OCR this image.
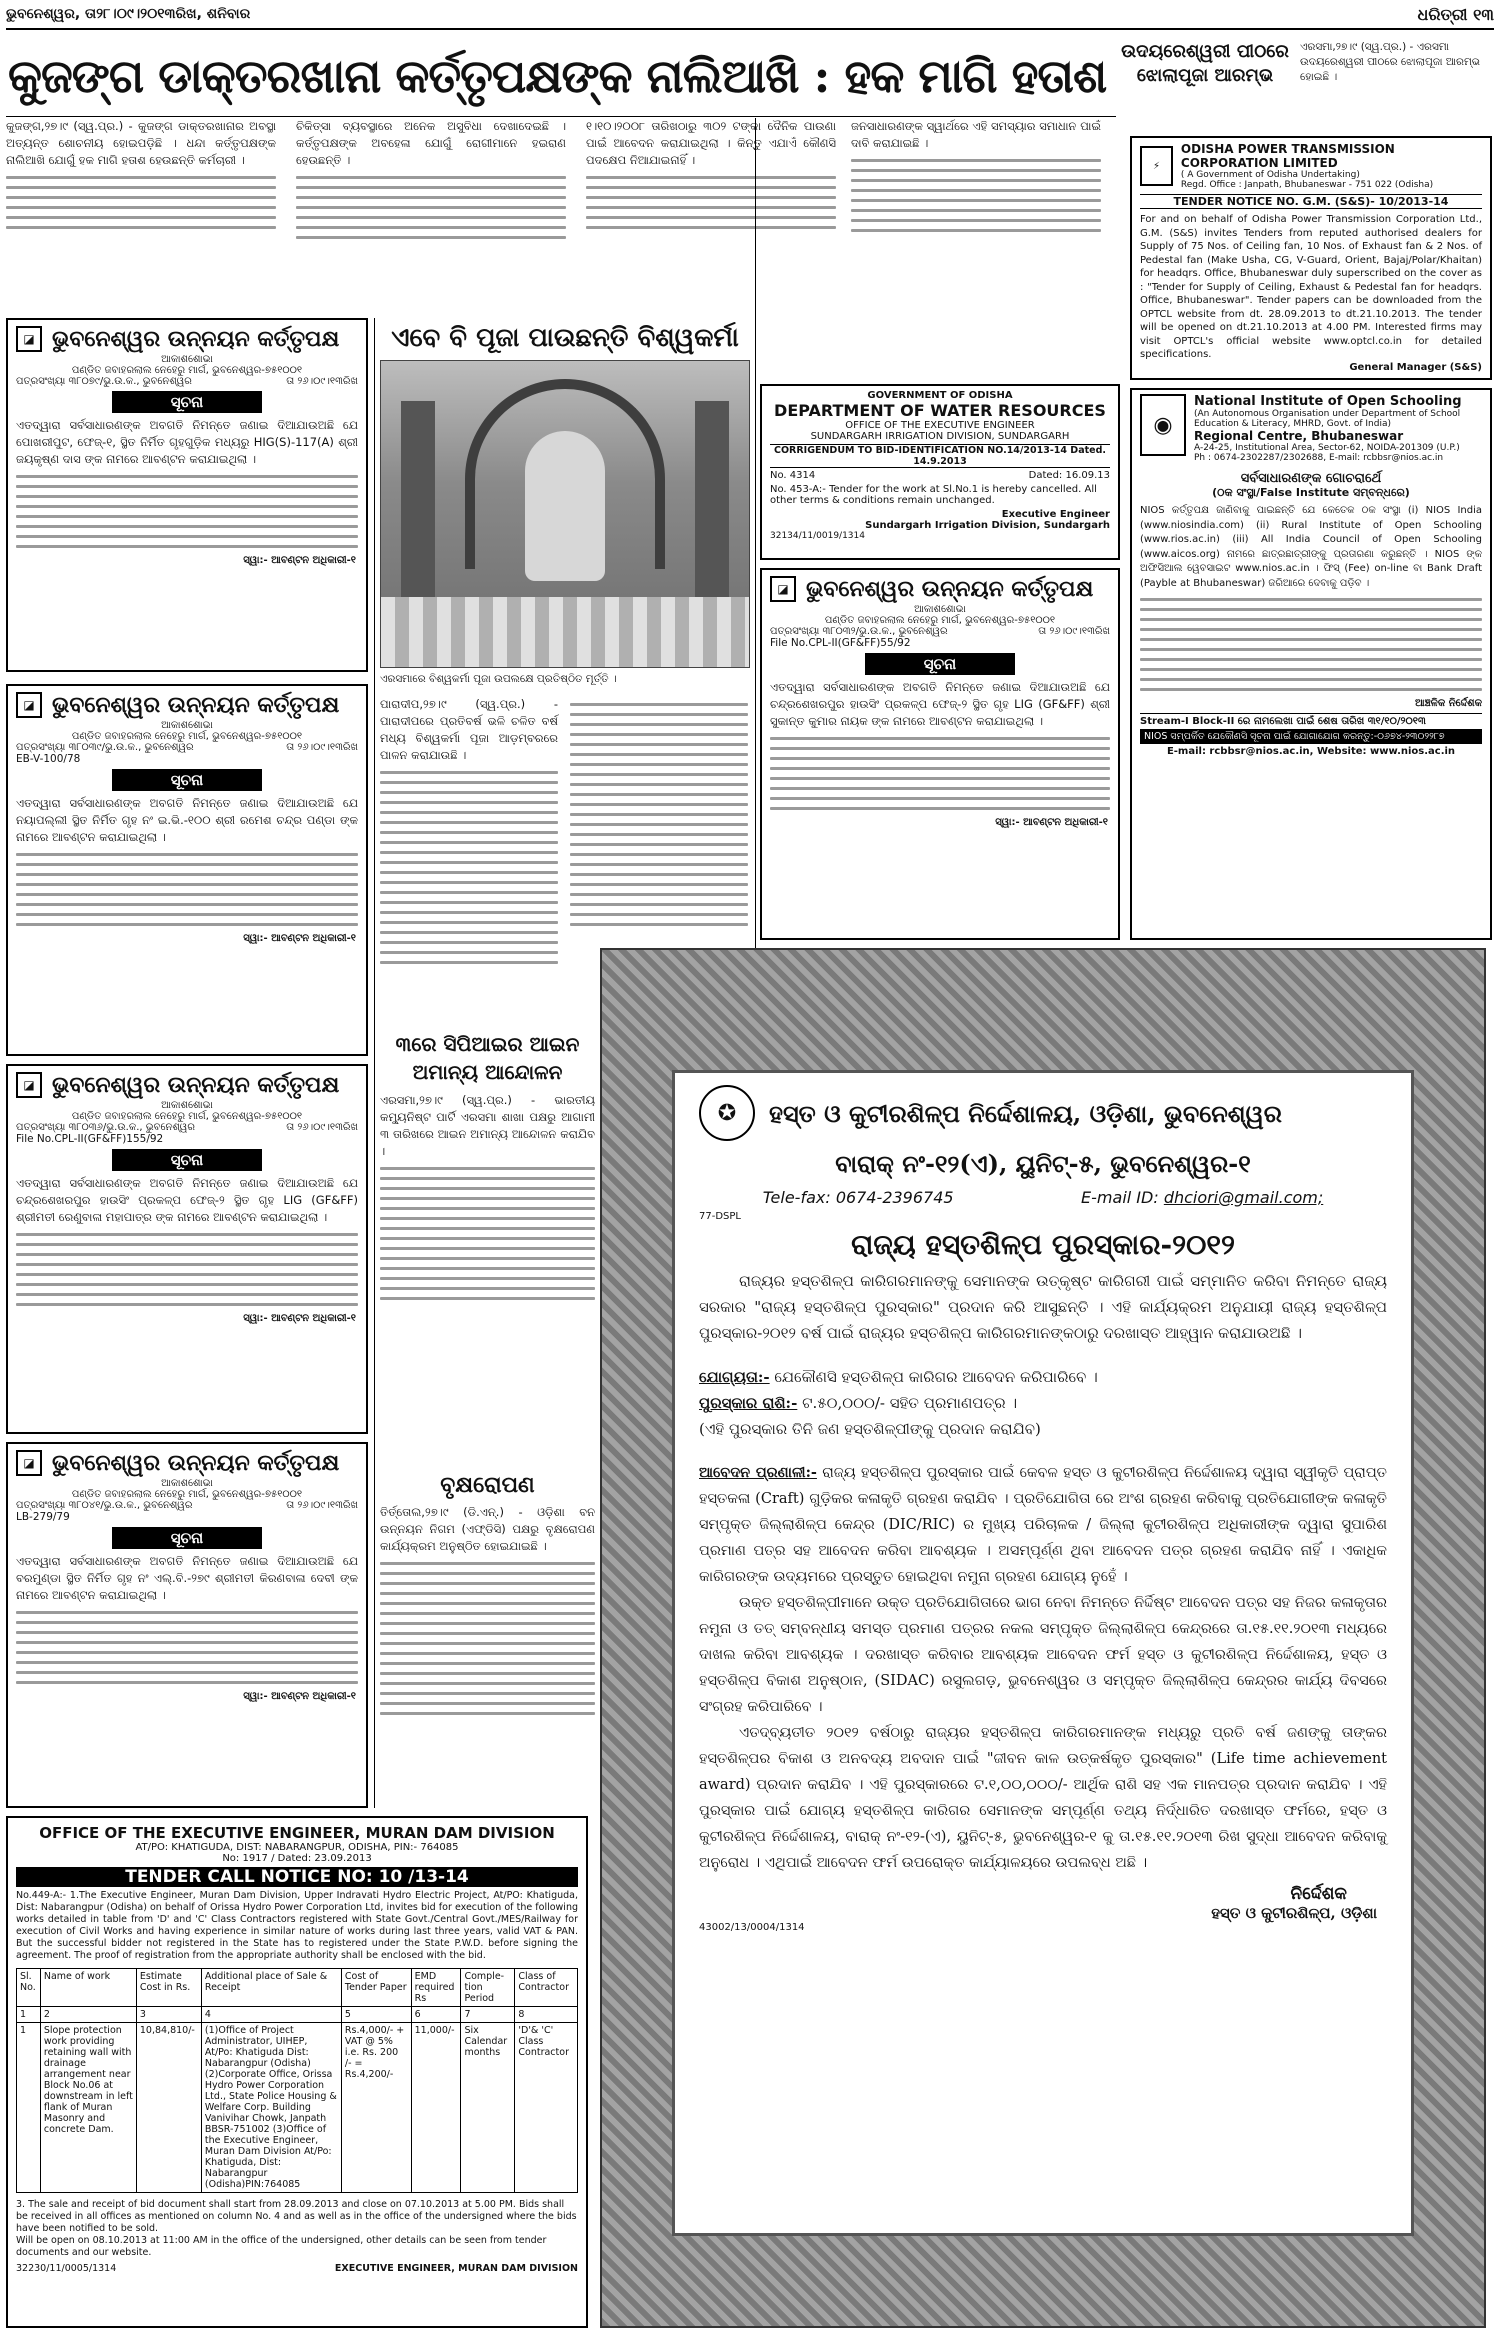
ଭୁବନେଶ୍ୱର, ତା୨୮।୦୯।୨୦୧୩ରିଖ, ଶନିବାର	ଧରିତ୍ରୀ ୧୩
କୁଜଙ୍ଗ ଡାକ୍ତରଖାନା କର୍ତ୍ତୃପକ୍ଷଙ୍କ ନାଲିଆଖି : ହକ ମାଗି ହତାଶ ଉଦୟରେଶ୍ୱରୀ ପୀଠରେ ଝୋଲାପୂଜା ଆରମ୍ଭ

ଏରସମା,୨୭।୯ (ସ୍ୱ.ପ୍ର.) - ଏରସମା ଉଦୟରେଶ୍ୱରୀ ପୀଠରେ ଝୋଲାପୂଜା ଆରମ୍ଭ ହୋଇଛି ।

କୁଜଙ୍ଗ,୨୭।୯ (ସ୍ୱ.ପ୍ର.) - କୁଜଙ୍ଗ ଡାକ୍ତରଖାନାର ଅବସ୍ଥା ଅତ୍ୟନ୍ତ ଶୋଚନୀୟ ହୋଇପଡ଼ିଛି । ଧନ୍ଦା କର୍ତ୍ତୃପକ୍ଷଙ୍କ ନାଲିଆଖି ଯୋଗୁଁ ହକ ମାଗି ହତାଶ ହେଉଛନ୍ତି କର୍ମଚାରୀ ।

ଚିକିତ୍ସା ବ୍ୟବସ୍ଥାରେ ଅନେକ ଅସୁବିଧା ଦେଖାଦେଇଛି । କର୍ତ୍ତୃପକ୍ଷଙ୍କ ଅବହେଳା ଯୋଗୁଁ ରୋଗୀମାନେ ହଇରାଣ ହେଉଛନ୍ତି ।

୧।୧୦।୨୦୦୮ ତାରିଖଠାରୁ ୩୦୨ ଟଙ୍କା ଦୈନିକ ପାଉଣା ପାଇଁ ଆବେଦନ କରାଯାଇଥିଲା । କିନ୍ତୁ ଏଯାଏଁ କୌଣସି ପଦକ୍ଷେପ ନିଆଯାଇନାହିଁ ।

ଜନସାଧାରଣଙ୍କ ସ୍ୱାର୍ଥରେ ଏହି ସମସ୍ୟାର ସମାଧାନ ପାଇଁ ଦାବି କରାଯାଇଛି ।

◪ ଭୁବନେଶ୍ୱର ଉନ୍ନୟନ କର୍ତ୍ତୃପକ୍ଷ
ଆକାଶଶୋଭା
ପଣ୍ଡିତ ଜବାହରଲାଲ ନେହେରୁ ମାର୍ଗ, ଭୁବନେଶ୍ୱର-୭୫୧୦୦୧
ପତ୍ରସଂଖ୍ୟା ୩୮୦୭୯/ଭୁ.ଉ.କ., ଭୁବନେଶ୍ୱର	ତା ୨୬।୦୯।୧୩ରିଖ
ସୂଚନା

ଏତଦ୍ୱାରା ସର୍ବସାଧାରଣଙ୍କ ଅବଗତି ନିମନ୍ତେ ଜଣାଇ ଦିଆଯାଉଅଛି ଯେ ପୋଖରୀପୁଟ, ଫେଜ୍-୧, ସ୍ଥିତ ନିର୍ମିତ ଗୃହଗୁଡ଼ିକ ମଧ୍ୟରୁ HIG(S)-117(A) ଶ୍ରୀ ଜୟକୃଷ୍ଣ ଦାସ ଙ୍କ ନାମରେ ଆବଣ୍ଟନ କରାଯାଇଥିଲା ।

ସ୍ୱା:- ଆବଣ୍ଟନ ଅଧିକାରୀ-୧
◪ ଭୁବନେଶ୍ୱର ଉନ୍ନୟନ କର୍ତ୍ତୃପକ୍ଷ
ଆକାଶଶୋଭା
ପଣ୍ଡିତ ଜବାହରଲାଲ ନେହେରୁ ମାର୍ଗ, ଭୁବନେଶ୍ୱର-୭୫୧୦୦୧
ପତ୍ରସଂଖ୍ୟା ୩୮୦୩୯/ଭୁ.ଉ.କ., ଭୁବନେଶ୍ୱର	ତା ୨୬।୦୯।୧୩ରିଖ
EB-V-100/78
ସୂଚନା

ଏତଦ୍ୱାରା ସର୍ବସାଧାରଣଙ୍କ ଅବଗତି ନିମନ୍ତେ ଜଣାଇ ଦିଆଯାଉଅଛି ଯେ ନୟାପଲ୍ଲୀ ସ୍ଥିତ ନିର୍ମିତ ଗୃହ ନଂ ଇ.ଭି.-୧୦୦ ଶ୍ରୀ ରମେଶ ଚନ୍ଦ୍ର ପଣ୍ଡା ଙ୍କ ନାମରେ ଆବଣ୍ଟନ କରାଯାଇଥିଲା ।

ସ୍ୱା:- ଆବଣ୍ଟନ ଅଧିକାରୀ-୧
◪ ଭୁବନେଶ୍ୱର ଉନ୍ନୟନ କର୍ତ୍ତୃପକ୍ଷ
ଆକାଶଶୋଭା
ପଣ୍ଡିତ ଜବାହରଲାଲ ନେହେରୁ ମାର୍ଗ, ଭୁବନେଶ୍ୱର-୭୫୧୦୦୧
ପତ୍ରସଂଖ୍ୟା ୩୮୦୩୬/ଭୁ.ଉ.କ., ଭୁବନେଶ୍ୱର	ତା ୨୬।୦୯।୧୩ରିଖ
File No.CPL-II(GF&FF)155/92
ସୂଚନା

ଏତଦ୍ୱାରା ସର୍ବସାଧାରଣଙ୍କ ଅବଗତି ନିମନ୍ତେ ଜଣାଇ ଦିଆଯାଉଅଛି ଯେ ଚନ୍ଦ୍ରଶେଖରପୁର ହାଉସିଂ ପ୍ରକଳ୍ପ ଫେଜ୍-୨ ସ୍ଥିତ ଗୃହ LIG (GF&FF) ଶ୍ରୀମତୀ ରେଣୁବାଳା ମହାପାତ୍ର ଙ୍କ ନାମରେ ଆବଣ୍ଟନ କରାଯାଇଥିଲା ।

ସ୍ୱା:- ଆବଣ୍ଟନ ଅଧିକାରୀ-୧
◪ ଭୁବନେଶ୍ୱର ଉନ୍ନୟନ କର୍ତ୍ତୃପକ୍ଷ
ଆକାଶଶୋଭା
ପଣ୍ଡିତ ଜବାହରଲାଲ ନେହେରୁ ମାର୍ଗ, ଭୁବନେଶ୍ୱର-୭୫୧୦୦୧
ପତ୍ରସଂଖ୍ୟା ୩୮୦୪୧/ଭୁ.ଉ.କ., ଭୁବନେଶ୍ୱର	ତା ୨୬।୦୯।୧୩ରିଖ
LB-279/79
ସୂଚନା

ଏତଦ୍ୱାରା ସର୍ବସାଧାରଣଙ୍କ ଅବଗତି ନିମନ୍ତେ ଜଣାଇ ଦିଆଯାଉଅଛି ଯେ ବରମୁଣ୍ଡା ସ୍ଥିତ ନିର୍ମିତ ଗୃହ ନଂ ଏଲ୍.ବି.-୨୭୯ ଶ୍ରୀମତୀ କିରଣବାଳା ଦେବୀ ଙ୍କ ନାମରେ ଆବଣ୍ଟନ କରାଯାଇଥିଲା ।

ସ୍ୱା:- ଆବଣ୍ଟନ ଅଧିକାରୀ-୧
OFFICE OF THE EXECUTIVE ENGINEER, MURAN DAM DIVISION
AT/PO: KHATIGUDA, DIST: NABARANGPUR, ODISHA, PIN:- 764085
No: 1917 / Dated: 23.09.2013
TENDER CALL NOTICE NO: 10 /13-14

No.449-A:- 1.The Executive Engineer, Muran Dam Division, Upper Indravati Hydro Electric Project, At/PO: Khatiguda, Dist: Nabarangpur (Odisha) on behalf of Orissa Hydro Power Corporation Ltd, invites bid for execution of the following works detailed in table from 'D' and 'C' Class Contractors registered with State Govt./Central Govt./MES/Railway for execution of Civil Works and having experience in similar nature of works during last three years, valid VAT & PAN. But the successful bidder not registered in the State has to registered under the State P.W.D. before signing the agreement. The proof of registration from the appropriate authority shall be enclosed with the bid.

Sl. No.	Name of work	Estimate Cost in Rs.	Additional place of Sale & Receipt	Cost of Tender Paper	EMD required Rs	Comple-tion Period	Class of Contractor
1	2	3	4	5	6	7	8
1	Slope protection work providing retaining wall with drainage arrangement near Block No.06 at downstream in left flank of Muran Masonry and concrete Dam.	10,84,810/-	(1)Office of Project Administrator, UIHEP, At/Po: Khatiguda Dist: Nabarangpur (Odisha) (2)Corporate Office, Orissa Hydro Power Corporation Ltd., State Police Housing & Welfare Corp. Building Vanivihar Chowk, Janpath BBSR-751002 (3)Office of the Executive Engineer, Muran Dam Division At/Po: Khatiguda, Dist: Nabarangpur (Odisha)PIN:764085	Rs.4,000/- + VAT @ 5% i.e. Rs. 200 /- = Rs.4,200/-	11,000/-	Six Calendar months	'D'& 'C' Class Contractor

3. The sale and receipt of bid document shall start from 28.09.2013 and close on 07.10.2013 at 5.00 PM. Bids shall be received in all offices as mentioned on column No. 4 and as well as in the office of the undersigned where the bids have been notified to be sold.

Will be open on 08.10.2013 at 11:00 AM in the office of the undersigned, other details can be seen from tender documents and our website.

32230/11/0005/1314	EXECUTIVE ENGINEER, MURAN DAM DIVISION
ଏବେ ବି ପୂଜା ପାଉଛନ୍ତି ବିଶ୍ୱକର୍ମା
ଏରସମାରେ ବିଶ୍ୱକର୍ମା ପୂଜା ଉପଲକ୍ଷେ ପ୍ରତିଷ୍ଠିତ ମୂର୍ତ୍ତି ।

ପାରାଦୀପ,୨୭।୯ (ସ୍ୱ.ପ୍ର.) - ପାରାଦୀପରେ ପ୍ରତିବର୍ଷ ଭଳି ଚଳିତ ବର୍ଷ ମଧ୍ୟ ବିଶ୍ୱକର୍ମା ପୂଜା ଆଡ଼ମ୍ବରରେ ପାଳନ କରାଯାଉଛି ।

୩ରେ ସିପିଆଇର ଆଇନ ଅମାନ୍ୟ ଆନ୍ଦୋଳନ

ଏରସମା,୨୭।୯ (ସ୍ୱ.ପ୍ର.) - ଭାରତୀୟ କମ୍ୟୁନିଷ୍ଟ ପାର୍ଟି ଏରସମା ଶାଖା ପକ୍ଷରୁ ଆଗାମୀ ୩ ତାରିଖରେ ଆଇନ ଅମାନ୍ୟ ଆନ୍ଦୋଳନ କରାଯିବ ।

ବୃକ୍ଷରୋପଣ

ତିର୍ତ୍ତୋଲ,୨୭।୯ (ଡି.ଏନ୍.) - ଓଡ଼ିଶା ବନ ଉନ୍ନୟନ ନିଗମ (ଏଫ୍ଡିସି) ପକ୍ଷରୁ ବୃକ୍ଷରୋପଣ କାର୍ଯ୍ୟକ୍ରମ ଅନୁଷ୍ଠିତ ହୋଇଯାଇଛି ।

GOVERNMENT OF ODISHA
DEPARTMENT OF WATER RESOURCES
OFFICE OF THE EXECUTIVE ENGINEER
SUNDARGARH IRRIGATION DIVISION, SUNDARGARH
CORRIGENDUM TO BID-IDENTIFICATION NO.14/2013-14 Dated. 14.9.2013
No. 4314	Dated: 16.09.13

No. 453-A:- Tender for the work at Sl.No.1 is hereby cancelled. All other terms & conditions remain unchanged.

Executive Engineer
Sundargarh Irrigation Division, Sundargarh
32134/11/0019/1314
◪ ଭୁବନେଶ୍ୱର ଉନ୍ନୟନ କର୍ତ୍ତୃପକ୍ଷ
ଆକାଶଶୋଭା
ପଣ୍ଡିତ ଜବାହରଲାଲ ନେହେରୁ ମାର୍ଗ, ଭୁବନେଶ୍ୱର-୭୫୧୦୦୧
ପତ୍ରସଂଖ୍ୟା ୩୮୦୩୨/ଭୁ.ଉ.କ., ଭୁବନେଶ୍ୱର	ତା ୨୬।୦୯।୧୩ରିଖ
File No.CPL-II(GF&FF)55/92
ସୂଚନା

ଏତଦ୍ୱାରା ସର୍ବସାଧାରଣଙ୍କ ଅବଗତି ନିମନ୍ତେ ଜଣାଇ ଦିଆଯାଉଅଛି ଯେ ଚନ୍ଦ୍ରଶେଖରପୁର ହାଉସିଂ ପ୍ରକଳ୍ପ ଫେଜ୍-୨ ସ୍ଥିତ ଗୃହ LIG (GF&FF) ଶ୍ରୀ ସୁକାନ୍ତ କୁମାର ନାୟକ ଙ୍କ ନାମରେ ଆବଣ୍ଟନ କରାଯାଇଥିଲା ।

ସ୍ୱା:- ଆବଣ୍ଟନ ଅଧିକାରୀ-୧
⚡
ODISHA POWER TRANSMISSION CORPORATION LIMITED
( A Government of Odisha Undertaking)
Regd. Office : Janpath, Bhubaneswar - 751 022 (Odisha)
TENDER NOTICE NO. G.M. (S&S)- 10/2013-14

For and on behalf of Odisha Power Transmission Corporation Ltd., G.M. (S&S) invites Tenders from reputed authorised dealers for Supply of 75 Nos. of Ceiling fan, 10 Nos. of Exhaust fan & 2 Nos. of Pedestal fan (Make Usha, CG, V-Guard, Orient, Bajaj/Polar/Khaitan) for headqrs. Office, Bhubaneswar duly superscribed on the cover as : "Tender for Supply of Ceiling, Exhaust & Pedestal fan for headqrs. Office, Bhubaneswar". Tender papers can be downloaded from the OPTCL website from dt. 28.09.2013 to dt.21.10.2013. The tender will be opened on dt.21.10.2013 at 4.00 PM. Interested firms may visit OPTCL's official website www.optcl.co.in for detailed specifications.

General Manager (S&S)
◉
National Institute of Open Schooling
(An Autonomous Organisation under Department of School
Education & Literacy, MHRD, Govt. of India)
Regional Centre, Bhubaneswar
A-24-25, Institutional Area, Sector-62, NOIDA-201309 (U.P.)
Ph : 0674-2302287/2302688, E-mail: rcbbsr@nios.ac.in
ସର୍ବସାଧାରଣଙ୍କ ଗୋଚରାର୍ଥେ
(ଠକ ସଂସ୍ଥା/False Institute ସମ୍ବନ୍ଧରେ)

NIOS କର୍ତ୍ତୃପକ୍ଷ ଜାଣିବାକୁ ପାଇଛନ୍ତି ଯେ କେତେକ ଠକ ସଂସ୍ଥା (i) NIOS India (www.niosindia.com) (ii) Rural Institute of Open Schooling (www.rios.ac.in) (iii) All India Council of Open Schooling (www.aicos.org) ନାମରେ ଛାତ୍ରଛାତ୍ରୀଙ୍କୁ ପ୍ରତାରଣା କରୁଛନ୍ତି । NIOS ଙ୍କ ଅଫିସିଆଲ ୱେବସାଇଟ www.nios.ac.in । ଫିସ୍ (Fee) on-line ବା Bank Draft (Payble at Bhubaneswar) ଜରିଆରେ ଦେବାକୁ ପଡ଼ିବ ।

ଆଞ୍ଚଳିକ ନିର୍ଦ୍ଦେଶକ
Stream-I Block-II ରେ ନାମଲେଖା ପାଇଁ ଶେଷ ତାରିଖ ୩୧/୧୦/୨୦୧୩
NIOS ସମ୍ପର୍କିତ ଯେକୌଣସି ସୂଚନା ପାଇଁ ଯୋଗାଯୋଗ କରନ୍ତୁ:-୦୬୭୪-୨୩୦୨୨୮୭
E-mail: rcbbsr@nios.ac.in, Website: www.nios.ac.in
✪	ହସ୍ତ ଓ କୁଟୀରଶିଳ୍ପ ନିର୍ଦ୍ଦେଶାଳୟ, ଓଡ଼ିଶା, ଭୁବନେଶ୍ୱର
ବାରାକ୍ ନଂ-୧୨(ଏ), ୟୁନିଟ୍-୫, ଭୁବନେଶ୍ୱର-୧
Tele-fax: 0674-2396745	E-mail ID: dhciori@gmail.com;
77-DSPL
ରାଜ୍ୟ ହସ୍ତଶିଳ୍ପ ପୁରସ୍କାର-୨୦୧୨

ରାଜ୍ୟର ହସ୍ତଶିଳ୍ପ କାରିଗରମାନଙ୍କୁ ସେମାନଙ୍କ ଉତ୍କୃଷ୍ଟ କାରିଗରୀ ପାଇଁ ସମ୍ମାନିତ କରିବା ନିମନ୍ତେ ରାଜ୍ୟ ସରକାର "ରାଜ୍ୟ ହସ୍ତଶିଳ୍ପ ପୁରସ୍କାର" ପ୍ରଦାନ କରି ଆସୁଛନ୍ତି । ଏହି କାର୍ଯ୍ୟକ୍ରମ ଅନୁଯାୟୀ ରାଜ୍ୟ ହସ୍ତଶିଳ୍ପ ପୁରସ୍କାର-୨୦୧୨ ବର୍ଷ ପାଇଁ ରାଜ୍ୟର ହସ୍ତଶିଳ୍ପ କାରିଗରମାନଙ୍କଠାରୁ ଦରଖାସ୍ତ ଆହ୍ୱାନ କରାଯାଉଅଛି ।

ଯୋଗ୍ୟତା:- ଯେକୌଣସି ହସ୍ତଶିଳ୍ପ କାରିଗର ଆବେଦନ କରିପାରିବେ ।
ପୁରସ୍କାର ରାଶି:- ଟ.୫୦,୦୦୦/- ସହିତ ପ୍ରମାଣପତ୍ର ।
(ଏହି ପୁରସ୍କାର ତିନି ଜଣ ହସ୍ତଶିଳ୍ପୀଙ୍କୁ ପ୍ରଦାନ କରାଯିବ)

ଆବେଦନ ପ୍ରଣାଳୀ:- ରାଜ୍ୟ ହସ୍ତଶିଳ୍ପ ପୁରସ୍କାର ପାଇଁ କେବଳ ହସ୍ତ ଓ କୁଟୀରଶିଳ୍ପ ନିର୍ଦ୍ଦେଶାଳୟ ଦ୍ୱାରା ସ୍ୱୀକୃତି ପ୍ରାପ୍ତ ହସ୍ତକଳା (Craft) ଗୁଡ଼ିକର କଳାକୃତି ଗ୍ରହଣ କରାଯିବ । ପ୍ରତିଯୋଗିତା ରେ ଅଂଶ ଗ୍ରହଣ କରିବାକୁ ପ୍ରତିଯୋଗୀଙ୍କ କଳାକୃତି ସମ୍ପୃକ୍ତ ଜିଲ୍ଲାଶିଳ୍ପ କେନ୍ଦ୍ର (DIC/RIC) ର ମୁଖ୍ୟ ପରିଚାଳକ / ଜିଲ୍ଲା କୁଟୀରଶିଳ୍ପ ଅଧିକାରୀଙ୍କ ଦ୍ୱାରା ସୁପାରିଶ ପ୍ରମାଣ ପତ୍ର ସହ ଆବେଦନ କରିବା ଆବଶ୍ୟକ । ଅସମ୍ପୂର୍ଣ୍ଣ ଥିବା ଆବେଦନ ପତ୍ର ଗ୍ରହଣ କରାଯିବ ନାହିଁ । ଏକାଧିକ କାରିଗରଙ୍କ ଉଦ୍ୟମରେ ପ୍ରସ୍ତୁତ ହୋଇଥିବା ନମୁନା ଗ୍ରହଣ ଯୋଗ୍ୟ ନୁହେଁ ।

ଉକ୍ତ ହସ୍ତଶିଳ୍ପୀମାନେ ଉକ୍ତ ପ୍ରତିଯୋଗିତାରେ ଭାଗ ନେବା ନିମନ୍ତେ ନିର୍ଦ୍ଦିଷ୍ଟ ଆବେଦନ ପତ୍ର ସହ ନିଜର କଳାକୃତାର ନମୁନା ଓ ତତ୍ ସମ୍ବନ୍ଧୀୟ ସମସ୍ତ ପ୍ରମାଣ ପତ୍ରର ନକଲ ସମ୍ପୃକ୍ତ ଜିଲ୍ଲାଶିଳ୍ପ କେନ୍ଦ୍ରରେ ତା.୧୫.୧୧.୨୦୧୩ ମଧ୍ୟରେ ଦାଖଲ କରିବା ଆବଶ୍ୟକ । ଦରଖାସ୍ତ କରିବାର ଆବଶ୍ୟକ ଆବେଦନ ଫର୍ମ ହସ୍ତ ଓ କୁଟୀରଶିଳ୍ପ ନିର୍ଦ୍ଦେଶାଳୟ, ହସ୍ତ ଓ ହସ୍ତଶିଳ୍ପ ବିକାଶ ଅନୁଷ୍ଠାନ, (SIDAC) ରସୁଲଗଡ଼, ଭୁବନେଶ୍ୱର ଓ ସମ୍ପୃକ୍ତ ଜିଲ୍ଲାଶିଳ୍ପ କେନ୍ଦ୍ରର କାର୍ଯ୍ୟ ଦିବସରେ ସଂଗ୍ରହ କରିପାରିବେ ।

ଏତଦ୍‌ବ୍ୟତୀତ ୨୦୧୨ ବର୍ଷଠାରୁ ରାଜ୍ୟର ହସ୍ତଶିଳ୍ପ କାରିଗରମାନଙ୍କ ମଧ୍ୟରୁ ପ୍ରତି ବର୍ଷ ଜଣଙ୍କୁ ତାଙ୍କର ହସ୍ତଶିଳ୍ପର ବିକାଶ ଓ ଅନବଦ୍ୟ ଅବଦାନ ପାଇଁ "ଜୀବନ କାଳ ଉତ୍କର୍ଷକୃତ ପୁରସ୍କାର" (Life time achievement award) ପ୍ରଦାନ କରାଯିବ । ଏହି ପୁରସ୍କାରରେ ଟ.୧,୦୦,୦୦୦/- ଆର୍ଥିକ ରାଶି ସହ ଏକ ମାନପତ୍ର ପ୍ରଦାନ କରାଯିବ । ଏହି ପୁରସ୍କାର ପାଇଁ ଯୋଗ୍ୟ ହସ୍ତଶିଳ୍ପ କାରିଗର ସେମାନଙ୍କ ସମ୍ପୂର୍ଣ୍ଣ ତଥ୍ୟ ନିର୍ଦ୍ଧାରିତ ଦରଖାସ୍ତ ଫର୍ମରେ, ହସ୍ତ ଓ କୁଟୀରଶିଳ୍ପ ନିର୍ଦ୍ଦେଶାଳୟ, ବାରାକ୍ ନଂ-୧୨-(ଏ), ୟୁନିଟ୍-୫, ଭୁବନେଶ୍ୱର-୧ କୁ ତା.୧୫.୧୧.୨୦୧୩ ରିଖ ସୁଦ୍ଧା ଆବେଦନ କରିବାକୁ ଅନୁରୋଧ । ଏଥିପାଇଁ ଆବେଦନ ଫର୍ମ ଉପରୋକ୍ତ କାର୍ଯ୍ୟାଳୟରେ ଉପଲବ୍ଧ ଅଛି ।

ନିର୍ଦ୍ଦେଶକ
ହସ୍ତ ଓ କୁଟୀରଶିଳ୍ପ, ଓଡ଼ିଶା
43002/13/0004/1314
